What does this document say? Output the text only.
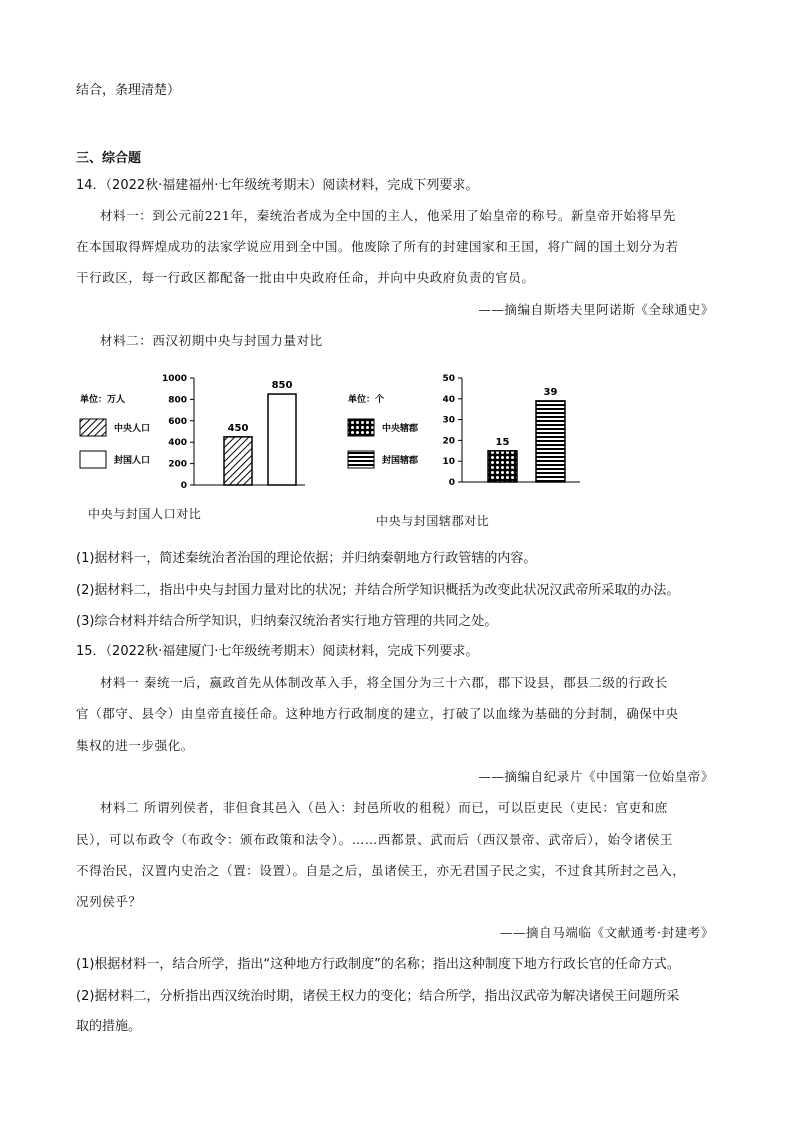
结合，条理清楚）
三、综合题
14．（2022秋·福建福州·七年级统考期末）阅读材料，完成下列要求。
材料一：到公元前221年，秦统治者成为全中国的主人，他采用了始皇帝的称号。新皇帝开始将早先
在本国取得辉煌成功的法家学说应用到全中国。他废除了所有的封建国家和王国，将广阔的国土划分为若
干行政区，每一行政区都配备一批由中央政府任命，并向中央政府负责的官员。
——摘编自斯塔夫里阿诺斯《全球通史》
材料二：西汉初期中央与封国力量对比
单位：万人
中央人口
封国人口
0
200
400
600
800
1000
450
850
单位：个
中央辖郡
封国辖郡
0
10
20
30
40
50
15
39
中央与封国人口对比	中央与封国辖郡对比
(1)据材料一，简述秦统治者治国的理论依据；并归纳秦朝地方行政管辖的内容。
(2)据材料二，指出中央与封国力量对比的状况；并结合所学知识概括为改变此状况汉武帝所采取的办法。
(3)综合材料并结合所学知识，归纳秦汉统治者实行地方管理的共同之处。
15．（2022秋·福建厦门·七年级统考期末）阅读材料，完成下列要求。
材料一 秦统一后，嬴政首先从体制改革入手，将全国分为三十六郡，郡下设县，郡县二级的行政长
官（郡守、县令）由皇帝直接任命。这种地方行政制度的建立，打破了以血缘为基础的分封制，确保中央
集权的进一步强化。
——摘编自纪录片《中国第一位始皇帝》
材料二 所谓列侯者，非但食其邑入（邑入：封邑所收的租税）而已，可以臣吏民（吏民：官吏和庶
民），可以布政令（布政令：颁布政策和法令）。……西都景、武而后（西汉景帝、武帝后），始令诸侯王
不得治民，汉置内史治之（置：设置）。自是之后，虽诸侯王，亦无君国子民之实，不过食其所封之邑入，
况列侯乎？
——摘自马端临《文献通考·封建考》
(1)根据材料一，结合所学，指出“这种地方行政制度”的名称；指出这种制度下地方行政长官的任命方式。
(2)据材料二，分析指出西汉统治时期，诸侯王权力的变化；结合所学，指出汉武帝为解决诸侯王问题所采
取的措施。
